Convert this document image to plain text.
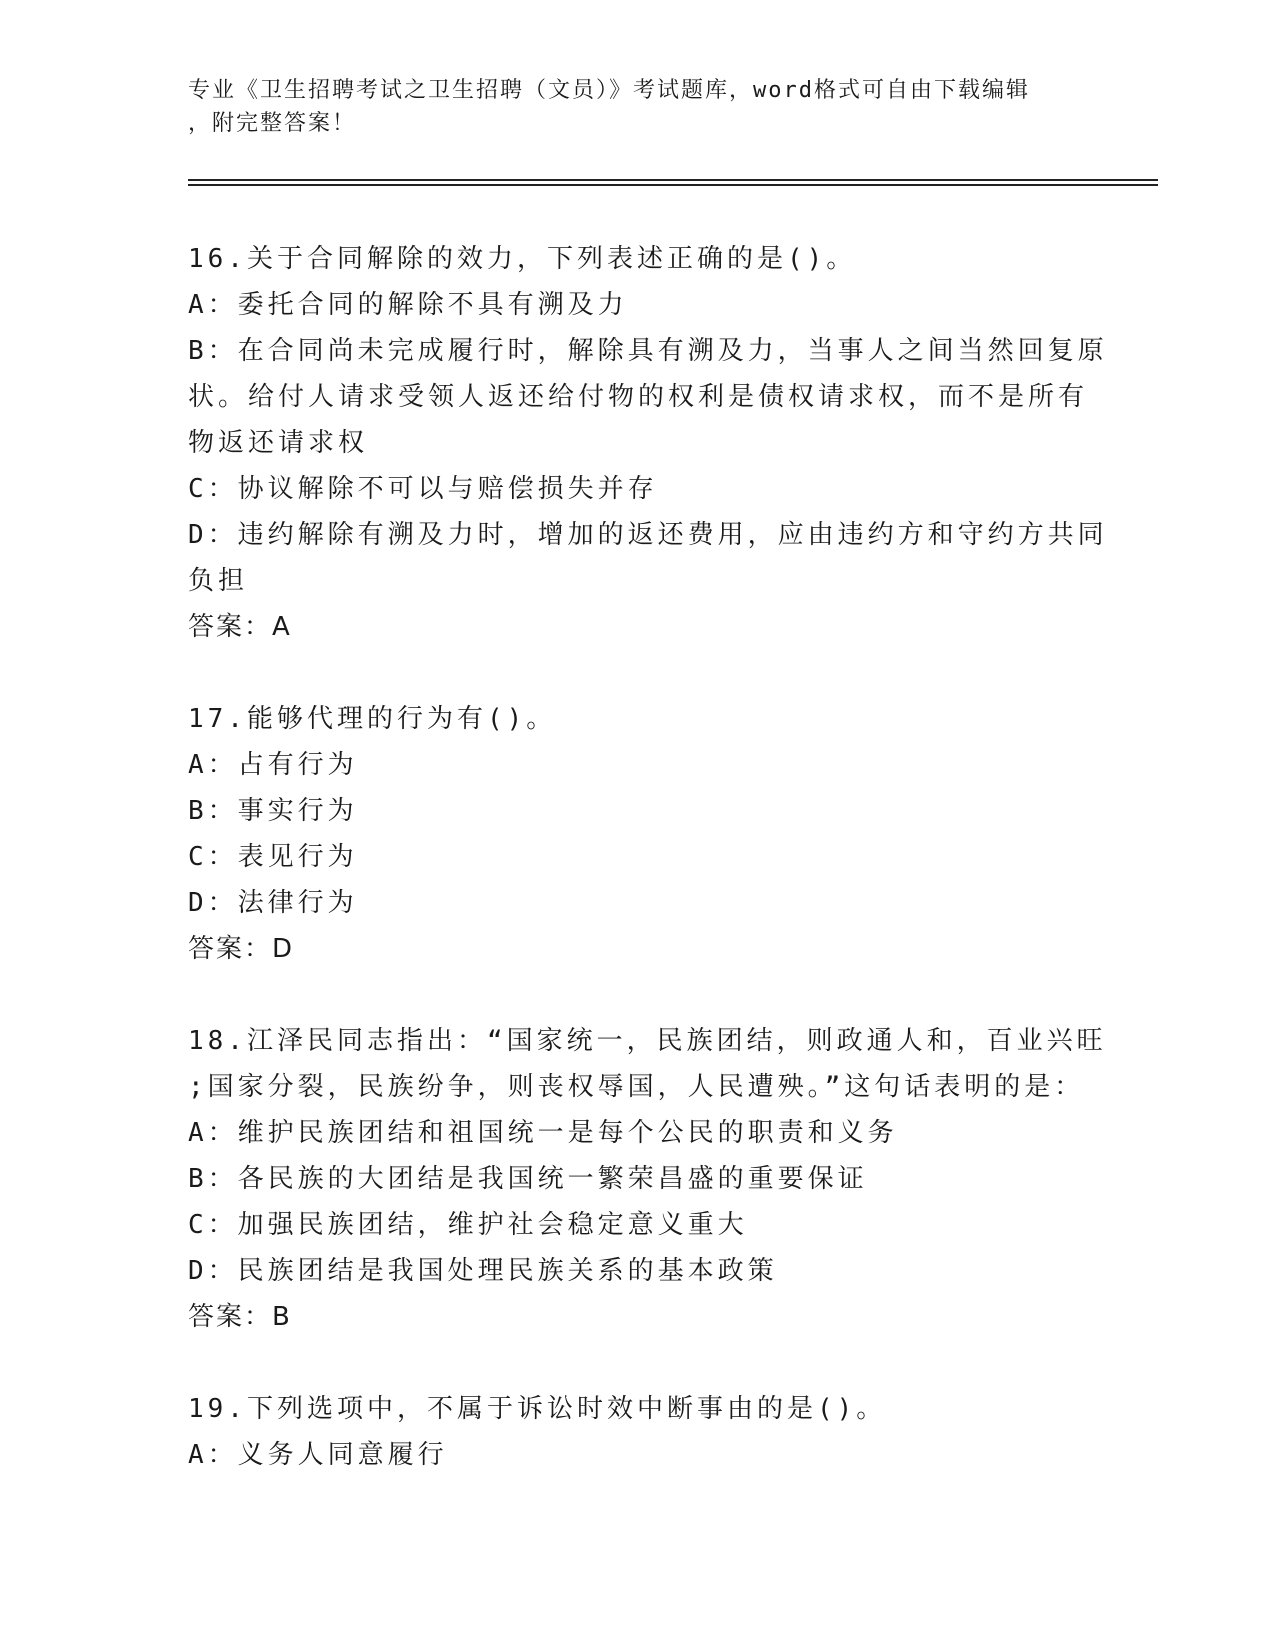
专业《卫生招聘考试之卫生招聘（文员）》考试题库，word格式可自由下载编辑
，附完整答案！
16.关于合同解除的效力，下列表述正确的是()。
A：委托合同的解除不具有溯及力
B：在合同尚未完成履行时，解除具有溯及力，当事人之间当然回复原
状。给付人请求受领人返还给付物的权利是债权请求权，而不是所有
物返还请求权
C：协议解除不可以与赔偿损失并存
D：违约解除有溯及力时，增加的返还费用，应由违约方和守约方共同
负担
答案：A
17.能够代理的行为有()。
A：占有行为
B：事实行为
C：表见行为
D：法律行为
答案：D
18.江泽民同志指出：“国家统一，民族团结，则政通人和，百业兴旺
;国家分裂，民族纷争，则丧权辱国，人民遭殃。”这句话表明的是：
A：维护民族团结和祖国统一是每个公民的职责和义务
B：各民族的大团结是我国统一繁荣昌盛的重要保证
C：加强民族团结，维护社会稳定意义重大
D：民族团结是我国处理民族关系的基本政策
答案：B
19.下列选项中，不属于诉讼时效中断事由的是()。
A：义务人同意履行
